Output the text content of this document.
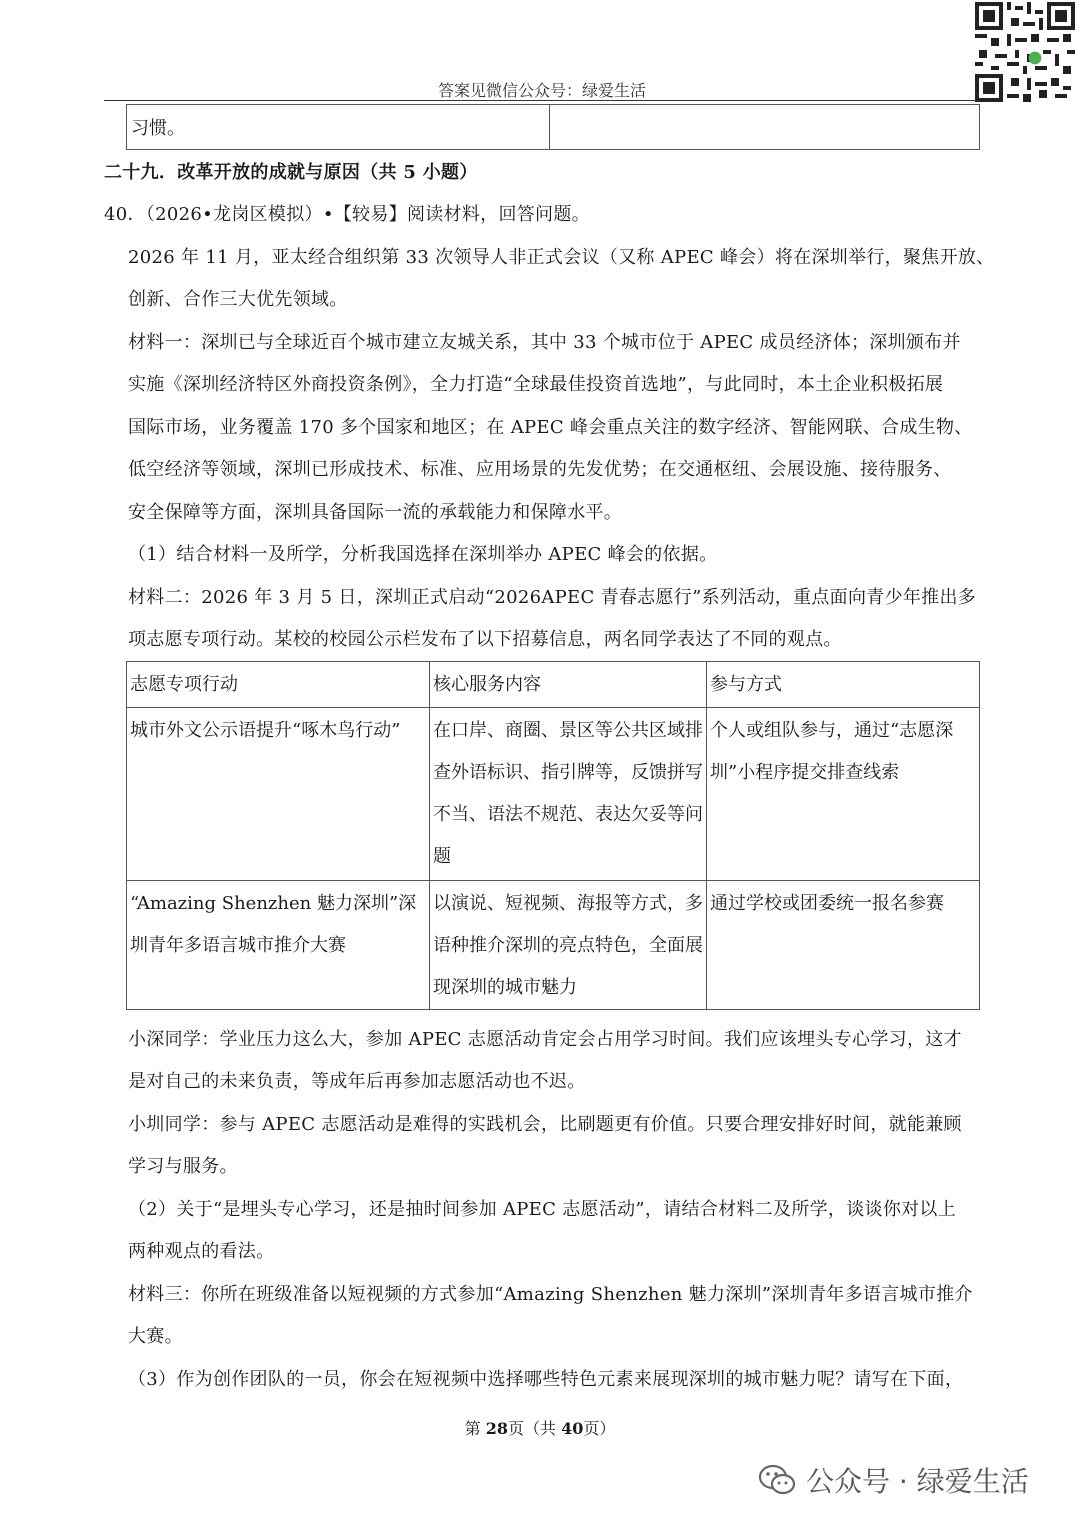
答案见微信公众号：绿爱生活
习惯。	
二十九．改革开放的成就与原因（共 5 小题）
40．（2026•龙岗区模拟）•【较易】阅读材料，回答问题。
2026 年 11 月，亚太经合组织第 33 次领导人非正式会议（又称 APEC 峰会）将在深圳举行，聚焦开放、
创新、合作三大优先领域。
材料一：深圳已与全球近百个城市建立友城关系，其中 33 个城市位于 APEC 成员经济体；深圳颁布并
实施《深圳经济特区外商投资条例》，全力打造“全球最佳投资首选地”，与此同时，本土企业积极拓展
国际市场，业务覆盖 170 多个国家和地区；在 APEC 峰会重点关注的数字经济、智能网联、合成生物、
低空经济等领域，深圳已形成技术、标准、应用场景的先发优势；在交通枢纽、会展设施、接待服务、
安全保障等方面，深圳具备国际一流的承载能力和保障水平。
（1）结合材料一及所学，分析我国选择在深圳举办 APEC 峰会的依据。
材料二：2026 年 3 月 5 日，深圳正式启动“2026APEC 青春志愿行”系列活动，重点面向青少年推出多
项志愿专项行动。某校的校园公示栏发布了以下招募信息，两名同学表达了不同的观点。
志愿专项行动	核心服务内容	参与方式
城市外文公示语提升“啄木鸟行动”	在口岸、商圈、景区等公共区域排查外语标识、指引牌等，反馈拼写不当、语法不规范、表达欠妥等问题	个人或组队参与，通过“志愿深圳”小程序提交排查线索
“Amazing Shenzhen 魅力深圳”深圳青年多语言城市推介大赛	以演说、短视频、海报等方式，多语种推介深圳的亮点特色，全面展现深圳的城市魅力	通过学校或团委统一报名参赛
小深同学：学业压力这么大，参加 APEC 志愿活动肯定会占用学习时间。我们应该埋头专心学习，这才
是对自己的未来负责，等成年后再参加志愿活动也不迟。
小圳同学：参与 APEC 志愿活动是难得的实践机会，比刷题更有价值。只要合理安排好时间，就能兼顾
学习与服务。
（2）关于“是埋头专心学习，还是抽时间参加 APEC 志愿活动”，请结合材料二及所学，谈谈你对以上
两种观点的看法。
材料三：你所在班级准备以短视频的方式参加“Amazing Shenzhen 魅力深圳”深圳青年多语言城市推介
大赛。
（3）作为创作团队的一员，你会在短视频中选择哪些特色元素来展现深圳的城市魅力呢？请写在下面，
第 28页（共 40页）
公众号 · 绿爱生活
